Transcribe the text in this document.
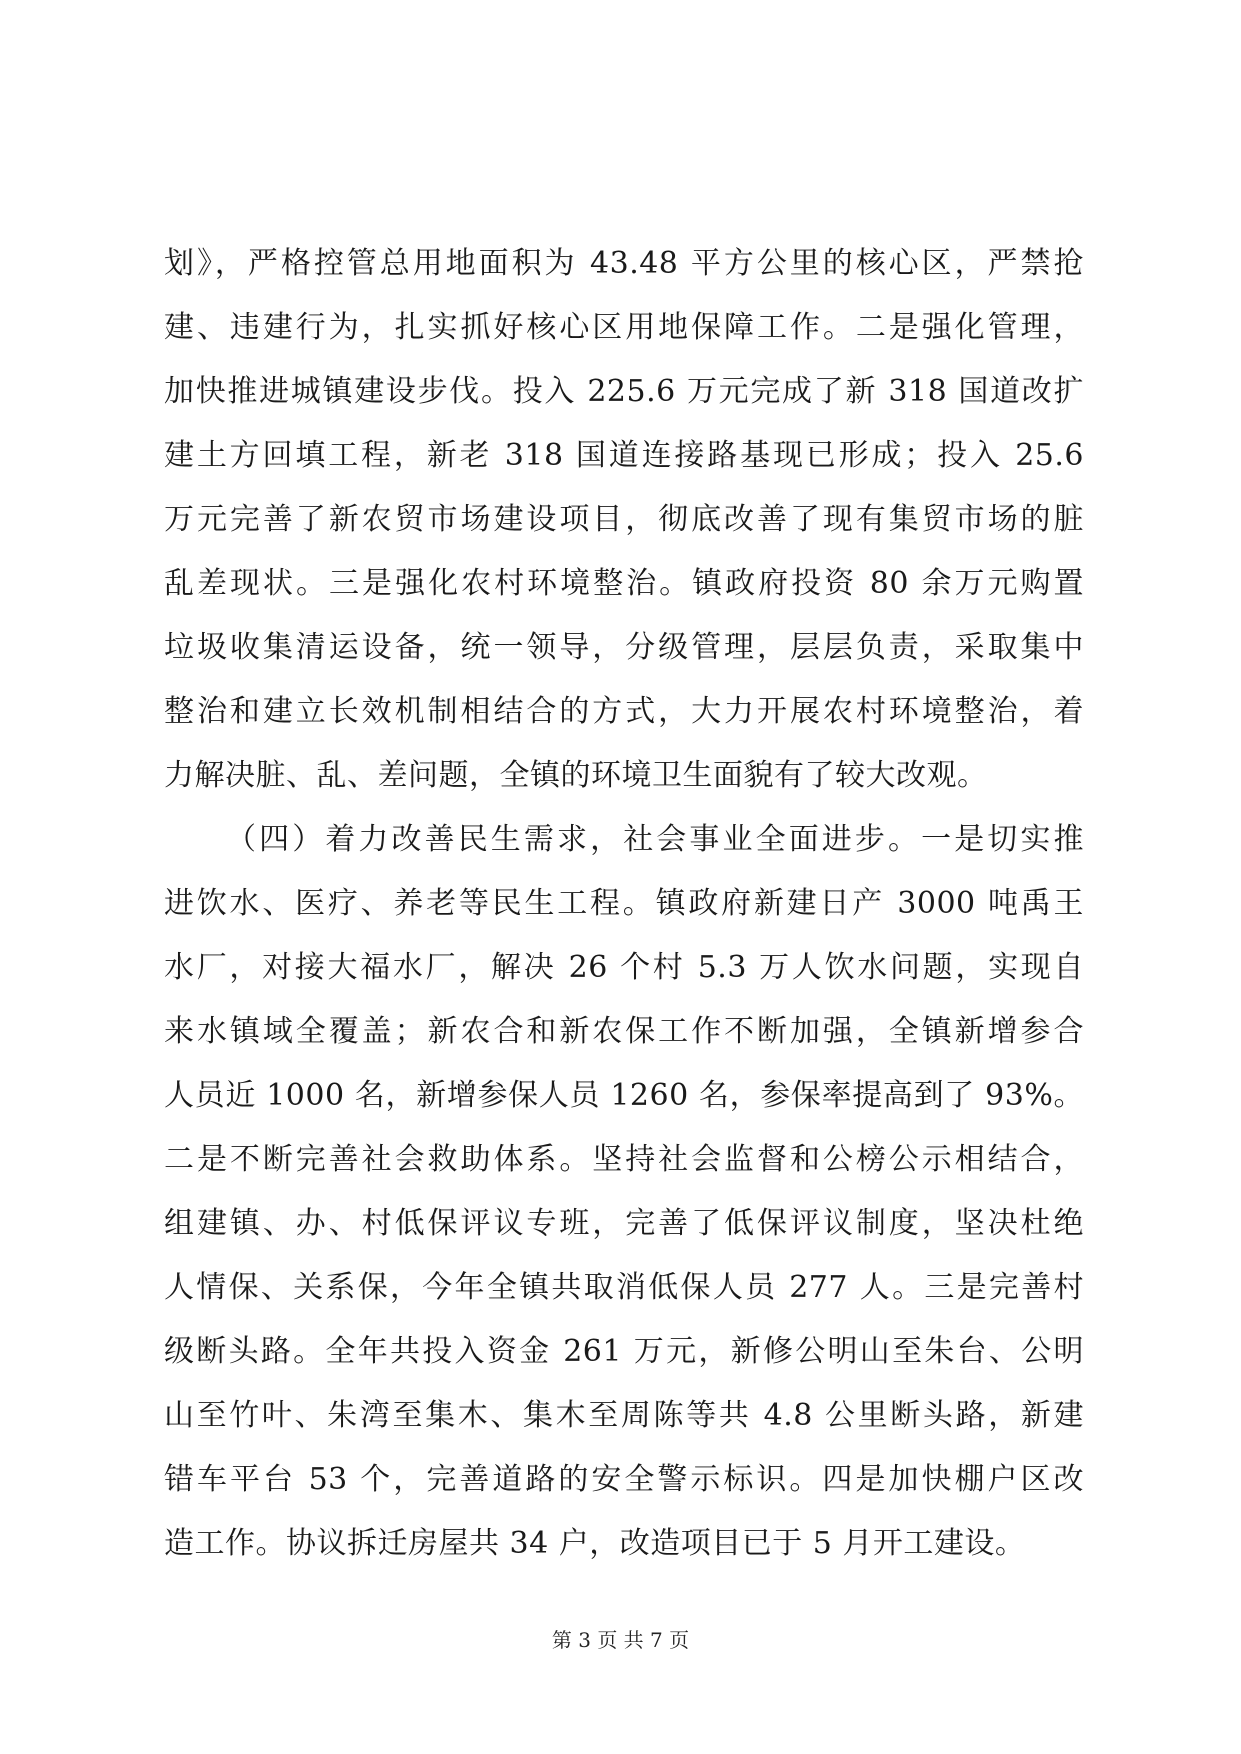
划》，严格控管总用地面积为 43.48 平方公里的核心区，严禁抢
建、违建行为，扎实抓好核心区用地保障工作。二是强化管理，
加快推进城镇建设步伐。投入 225.6 万元完成了新 318 国道改扩
建土方回填工程，新老 318 国道连接路基现已形成；投入 25.6
万元完善了新农贸市场建设项目，彻底改善了现有集贸市场的脏
乱差现状。三是强化农村环境整治。镇政府投资 80 余万元购置
垃圾收集清运设备，统一领导，分级管理，层层负责，采取集中
整治和建立长效机制相结合的方式，大力开展农村环境整治，着
力解决脏、乱、差问题，全镇的环境卫生面貌有了较大改观。
（四）着力改善民生需求，社会事业全面进步。一是切实推
进饮水、医疗、养老等民生工程。镇政府新建日产 3000 吨禹王
水厂，对接大福水厂，解决 26 个村 5.3 万人饮水问题，实现自
来水镇域全覆盖；新农合和新农保工作不断加强，全镇新增参合
人员近 1000 名，新增参保人员 1260 名，参保率提高到了 93%。
二是不断完善社会救助体系。坚持社会监督和公榜公示相结合，
组建镇、办、村低保评议专班，完善了低保评议制度，坚决杜绝
人情保、关系保，今年全镇共取消低保人员 277 人。三是完善村
级断头路。全年共投入资金 261 万元，新修公明山至朱台、公明
山至竹叶、朱湾至集木、集木至周陈等共 4.8 公里断头路，新建
错车平台 53 个，完善道路的安全警示标识。四是加快棚户区改
造工作。协议拆迁房屋共 34 户，改造项目已于 5 月开工建设。
第 3 页 共 7 页
